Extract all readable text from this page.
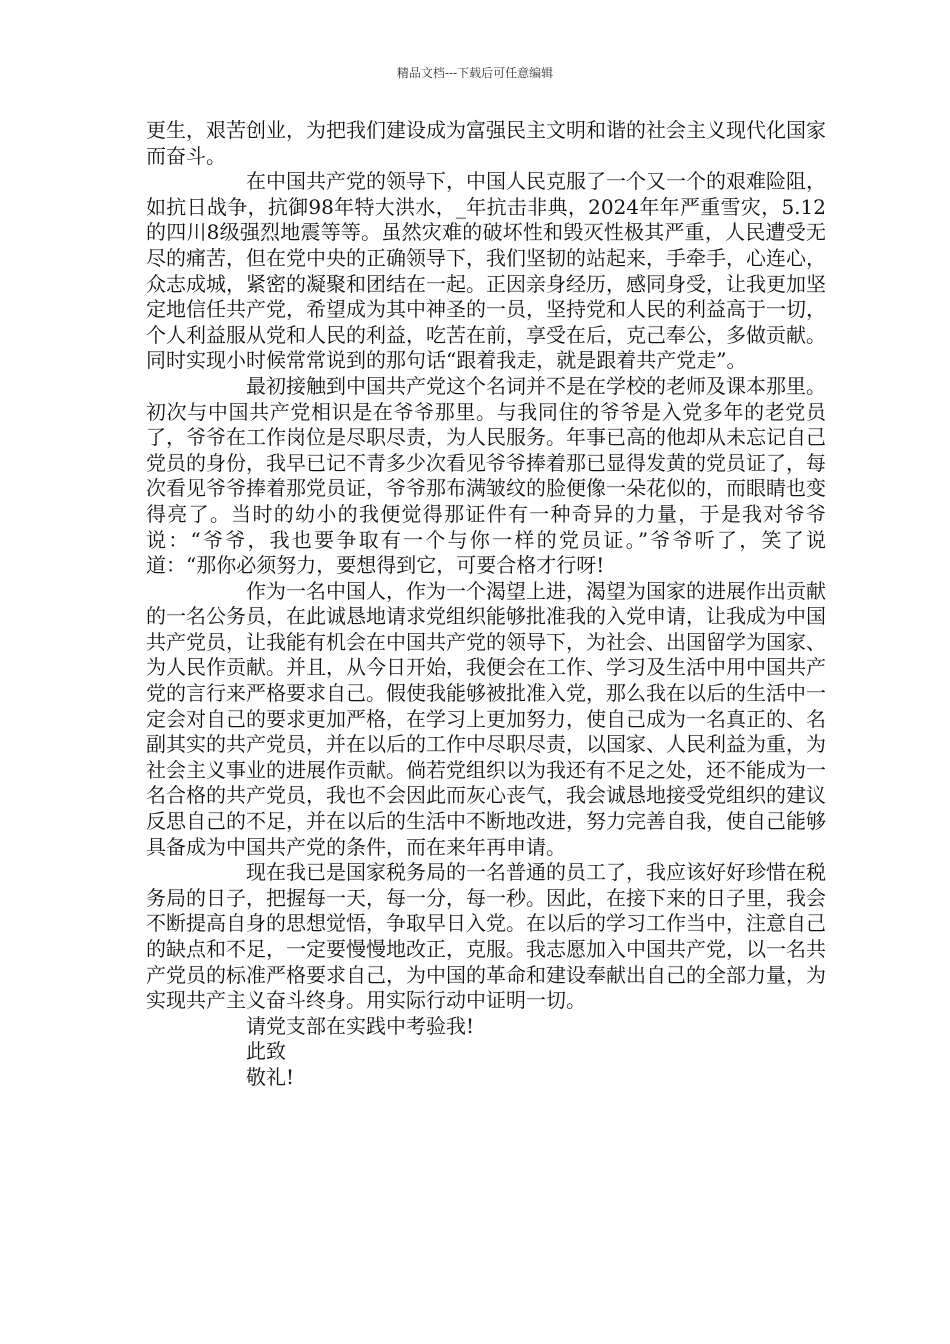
精品文档---下载后可任意编辑

更生，艰苦创业，为把我们建设成为富强民主文明和谐的社会主义现代化国家而奋斗。

在中国共产党的领导下，中国人民克服了一个又一个的艰难险阻，如抗日战争，抗御98年特大洪水，_年抗击非典，2024年年严重雪灾，5.12的四川8级强烈地震等等。虽然灾难的破坏性和毁灭性极其严重，人民遭受无尽的痛苦，但在党中央的正确领导下，我们坚韧的站起来，手牵手，心连心，众志成城，紧密的凝聚和团结在一起。正因亲身经历，感同身受，让我更加坚定地信任共产党，希望成为其中神圣的一员，坚持党和人民的利益高于一切，个人利益服从党和人民的利益，吃苦在前，享受在后，克己奉公，多做贡献。同时实现小时候常常说到的那句话“跟着我走，就是跟着共产党走”。

最初接触到中国共产党这个名词并不是在学校的老师及课本那里。初次与中国共产党相识是在爷爷那里。与我同住的爷爷是入党多年的老党员了，爷爷在工作岗位是尽职尽责，为人民服务。年事已高的他却从未忘记自己党员的身份，我早已记不青多少次看见爷爷捧着那已显得发黄的党员证了，每次看见爷爷捧着那党员证，爷爷那布满皱纹的脸便像一朵花似的，而眼睛也变得亮了。当时的幼小的我便觉得那证件有一种奇异的力量，于是我对爷爷说：“爷爷，我也要争取有一个与你一样的党员证。”爷爷听了，笑了说道：“那你必须努力，要想得到它，可要合格才行呀!

作为一名中国人，作为一个渴望上进，渴望为国家的进展作出贡献的一名公务员，在此诚恳地请求党组织能够批准我的入党申请，让我成为中国共产党员，让我能有机会在中国共产党的领导下，为社会、出国留学为国家、为人民作贡献。并且，从今日开始，我便会在工作、学习及生活中用中国共产党的言行来严格要求自己。假使我能够被批准入党，那么我在以后的生活中一定会对自己的要求更加严格，在学习上更加努力，使自己成为一名真正的、名副其实的共产党员，并在以后的工作中尽职尽责，以国家、人民利益为重，为社会主义事业的进展作贡献。倘若党组织以为我还有不足之处，还不能成为一名合格的共产党员，我也不会因此而灰心丧气，我会诚恳地接受党组织的建议反思自己的不足，并在以后的生活中不断地改进，努力完善自我，使自己能够具备成为中国共产党的条件，而在来年再申请。

现在我已是国家税务局的一名普通的员工了，我应该好好珍惜在税务局的日子，把握每一天，每一分，每一秒。因此，在接下来的日子里，我会不断提高自身的思想觉悟，争取早日入党。在以后的学习工作当中，注意自己的缺点和不足，一定要慢慢地改正，克服。我志愿加入中国共产党，以一名共产党员的标准严格要求自己，为中国的革命和建设奉献出自己的全部力量，为实现共产主义奋斗终身。用实际行动中证明一切。

请党支部在实践中考验我!

此致

敬礼!
